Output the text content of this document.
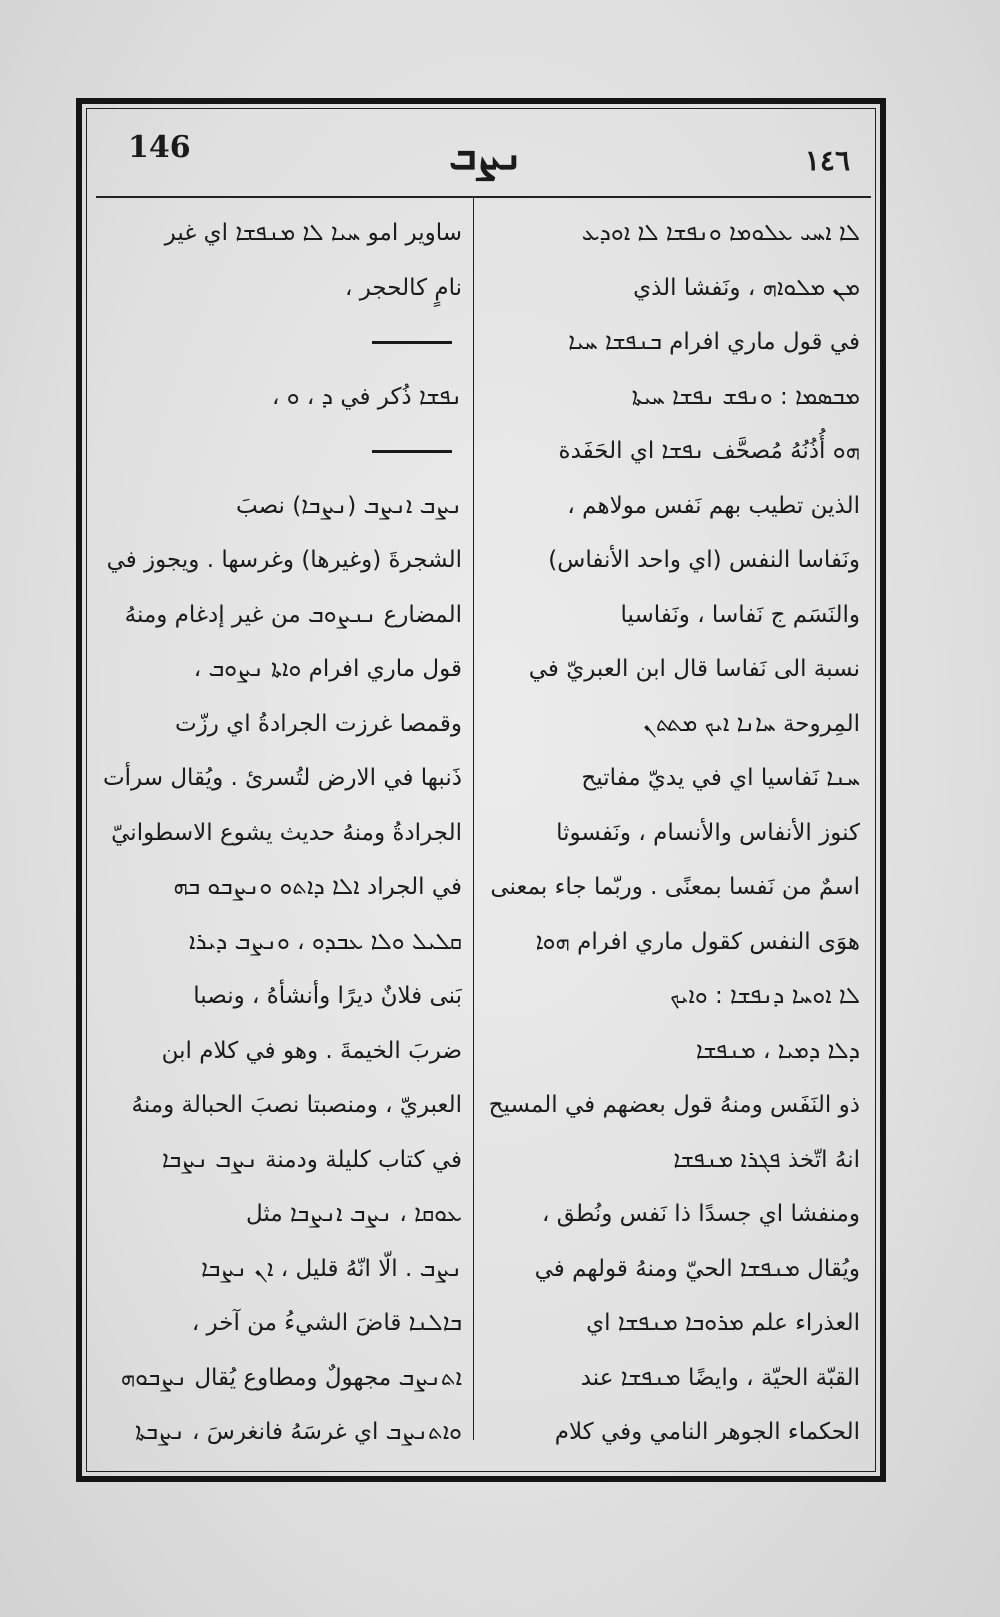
146	ܢܨܒ	١٤٦
ܠܐ ܐܚܝ ܥܠܘܡܐ ܘܢܦܫܐ ܠܐ ܐܘܕܥ
ܡܢ ܡܠܘܐܗ ، ونَفشا الذي
في قول ماري افرام ܒܢܦܫܐ ܚܝܐ
ܡܒܣܡܐ : ܘܢܦܫ ܢܦܫܐ ܚܝܬܐ
ܗܘ أُذُنُهُ مُصحَّف ܢܦܫܐ اي الحَفَدة
الذين تطيب بهم نَفس مولاهم ،
ونَفاسا النفس (اي واحد الأنفاس)
والنَسَم ج نَفاسا ، ونَفاسيا
نسبة الى نَفاسا قال ابن العبريّ في
المِروحة ܚܐܢܐ ܐܝܟ ܡܬܬܢ
ܚܢܐ نَفاسيا اي في يديّ مفاتيح
كنوز الأنفاس والأنسام ، ونَفسوثا
اسمٌ من نَفسا بمعنًى . وربّما جاء بمعنى
هوَى النفس كقول ماري افرام ܗܘܐ
ܠܐ ܐܘܚܐ ܕܢܦܫܐ : ܘܐܝܟ
ܕܠܐ ܕܡܝܐ ، ܡܢܦܫܐ
ذو النَفَس ومنهُ قول بعضهم في المسيح
انهُ اتّخذ ܦܓܪܐ ܡܢܦܫܐ
ومنفشا اي جسدًا ذا نَفس ونُطق ،
ويُقال ܡܢܦܫܐ الحيّ ومنهُ قولهم في
العذراء علم ܡܪܘܒܐ ܡܢܦܫܐ اي
القبّة الحيّة ، وايضًا ܡܢܦܫܐ عند
الحكماء الجوهر النامي وفي كلام
ساوير امو ܚܝܐ ܠܐ ܡܢܦܫܐ اي غير
نامٍ كالحجر ،
ܢܦܫܐ ذُكر في ܕ ، ܘ ،
ܢܨܒ ܐܢܨܒ (ܢܨܒܐ) نصبَ
الشجرةَ (وغيرها) وغرسها . ويجوز في
المضارع ܢܢܨܘܒ من غير إدغام ومنهُ
قول ماري افرام ܘܐܬܐ ܢܨܘܒ ،
وقمصا غرزت الجرادةُ اي رزّت
ذَنبها في الارض لتُسرئ . ويُقال سرأت
الجرادةُ ومنهُ حديث يشوع الاسطوانيّ
في الجراد ܐܠܐ ܕܐܬܘ ܘܢܨܒܘ ܒܗ
ܩܠܝܠ ܘܠܐ ܥܒܕܘ ، ܘܢܨܒ ܕܝܪܐ
بَنى فلانٌ ديرًا وأنشأهُ ، ونصبا
ضربَ الخيمةَ . وهو في كلام ابن
العبريّ ، ومنصبتا نصبَ الحبالة ومنهُ
في كتاب كليلة ودمنة ܢܨܒ ܢܨܒܐ
ܥܘܩܐ ، ܢܨܒ ܐܢܨܒܐ مثل
ܢܨܒ . الّا انّهُ قليل ، ܐܢ ܢܨܒܐ
ܒܐܠܢܐ قاضَ الشيءُ من آخر ،
ܐܬܢܨܒ مجهولٌ ومطاوع يُقال ܢܨܒܘܗ
ܘܐܬܢܨܒ اي غرسَهُ فانغرسَ ، ܢܨܒܬܐ
